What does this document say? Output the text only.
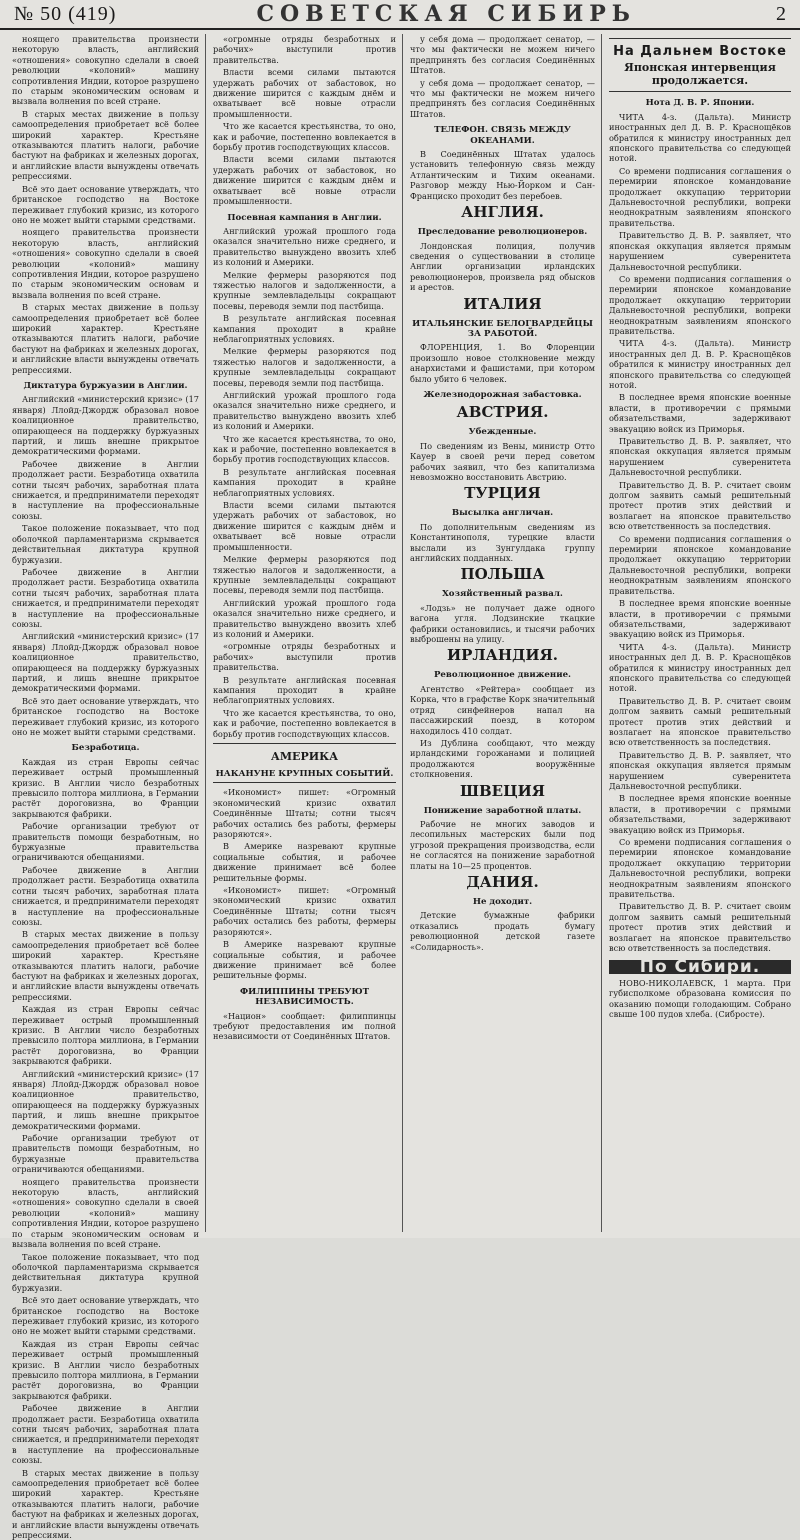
№ 50 (419)	СОВЕТСКАЯ СИБИРЬ	2

ноящего правительства произнести некоторую власть, английский «отношения» совокупно сделали в своей революции «колоний» машину сопротивления Индии, которое разрушено по старым экономическим основам и вызвала волнения по всей стране.

В старых местах движение в пользу самоопределения приобретает всё более широкий характер. Крестьяне отказываются платить налоги, рабочие бастуют на фабриках и железных дорогах, и английские власти вынуждены отвечать репрессиями.

Всё это дает основание утверждать, что британское господство на Востоке переживает глубокий кризис, из которого оно не может выйти старыми средствами.

ноящего правительства произнести некоторую власть, английский «отношения» совокупно сделали в своей революции «колоний» машину сопротивления Индии, которое разрушено по старым экономическим основам и вызвала волнения по всей стране.

В старых местах движение в пользу самоопределения приобретает всё более широкий характер. Крестьяне отказываются платить налоги, рабочие бастуют на фабриках и железных дорогах, и английские власти вынуждены отвечать репрессиями.

Диктатура буржуазии в Англии.

Английский «министерский кризис» (17 января) Ллойд-Джордж образовал новое коалиционное правительство, опирающееся на поддержку буржуазных партий, и лишь внешне прикрытое демократическими формами.

Рабочее движение в Англии продолжает расти. Безработица охватила сотни тысяч рабочих, заработная плата снижается, и предприниматели переходят в наступление на профессиональные союзы.

Такое положение показывает, что под оболочкой парламентаризма скрывается действительная диктатура крупной буржуазии.

Рабочее движение в Англии продолжает расти. Безработица охватила сотни тысяч рабочих, заработная плата снижается, и предприниматели переходят в наступление на профессиональные союзы.

Английский «министерский кризис» (17 января) Ллойд-Джордж образовал новое коалиционное правительство, опирающееся на поддержку буржуазных партий, и лишь внешне прикрытое демократическими формами.

Всё это дает основание утверждать, что британское господство на Востоке переживает глубокий кризис, из которого оно не может выйти старыми средствами.

Безработица.

Каждая из стран Европы сейчас переживает острый промышленный кризис. В Англии число безработных превысило полтора миллиона, в Германии растёт дороговизна, во Франции закрываются фабрики.

Рабочие организации требуют от правительств помощи безработным, но буржуазные правительства ограничиваются обещаниями.

Рабочее движение в Англии продолжает расти. Безработица охватила сотни тысяч рабочих, заработная плата снижается, и предприниматели переходят в наступление на профессиональные союзы.

В старых местах движение в пользу самоопределения приобретает всё более широкий характер. Крестьяне отказываются платить налоги, рабочие бастуют на фабриках и железных дорогах, и английские власти вынуждены отвечать репрессиями.

Каждая из стран Европы сейчас переживает острый промышленный кризис. В Англии число безработных превысило полтора миллиона, в Германии растёт дороговизна, во Франции закрываются фабрики.

Английский «министерский кризис» (17 января) Ллойд-Джордж образовал новое коалиционное правительство, опирающееся на поддержку буржуазных партий, и лишь внешне прикрытое демократическими формами.

Рабочие организации требуют от правительств помощи безработным, но буржуазные правительства ограничиваются обещаниями.

ноящего правительства произнести некоторую власть, английский «отношения» совокупно сделали в своей революции «колоний» машину сопротивления Индии, которое разрушено по старым экономическим основам и вызвала волнения по всей стране.

Такое положение показывает, что под оболочкой парламентаризма скрывается действительная диктатура крупной буржуазии.

Всё это дает основание утверждать, что британское господство на Востоке переживает глубокий кризис, из которого оно не может выйти старыми средствами.

Каждая из стран Европы сейчас переживает острый промышленный кризис. В Англии число безработных превысило полтора миллиона, в Германии растёт дороговизна, во Франции закрываются фабрики.

Рабочее движение в Англии продолжает расти. Безработица охватила сотни тысяч рабочих, заработная плата снижается, и предприниматели переходят в наступление на профессиональные союзы.

В старых местах движение в пользу самоопределения приобретает всё более широкий характер. Крестьяне отказываются платить налоги, рабочие бастуют на фабриках и железных дорогах, и английские власти вынуждены отвечать репрессиями.

«огромные отряды безработных и рабочих» выступили против правительства.

Власти всеми силами пытаются удержать рабочих от забастовок, но движение ширится с каждым днём и охватывает всё новые отрасли промышленности.

Что же касается крестьянства, то оно, как и рабочие, постепенно вовлекается в борьбу против господствующих классов.

Власти всеми силами пытаются удержать рабочих от забастовок, но движение ширится с каждым днём и охватывает всё новые отрасли промышленности.

Посевная кампания в Англии.

Английский урожай прошлого года оказался значительно ниже среднего, и правительство вынуждено ввозить хлеб из колоний и Америки.

Мелкие фермеры разоряются под тяжестью налогов и задолженности, а крупные землевладельцы сокращают посевы, переводя земли под пастбища.

В результате английская посевная кампания проходит в крайне неблагоприятных условиях.

Мелкие фермеры разоряются под тяжестью налогов и задолженности, а крупные землевладельцы сокращают посевы, переводя земли под пастбища.

Английский урожай прошлого года оказался значительно ниже среднего, и правительство вынуждено ввозить хлеб из колоний и Америки.

Что же касается крестьянства, то оно, как и рабочие, постепенно вовлекается в борьбу против господствующих классов.

В результате английская посевная кампания проходит в крайне неблагоприятных условиях.

Власти всеми силами пытаются удержать рабочих от забастовок, но движение ширится с каждым днём и охватывает всё новые отрасли промышленности.

Мелкие фермеры разоряются под тяжестью налогов и задолженности, а крупные землевладельцы сокращают посевы, переводя земли под пастбища.

Английский урожай прошлого года оказался значительно ниже среднего, и правительство вынуждено ввозить хлеб из колоний и Америки.

«огромные отряды безработных и рабочих» выступили против правительства.

В результате английская посевная кампания проходит в крайне неблагоприятных условиях.

Что же касается крестьянства, то оно, как и рабочие, постепенно вовлекается в борьбу против господствующих классов.

АМЕРИКА
НАКАНУНЕ КРУПНЫХ СОБЫТИЙ.

«Икономист» пишет: «Огромный экономический кризис охватил Соединённые Штаты; сотни тысяч рабочих остались без работы, фермеры разоряются».

В Америке назревают крупные социальные события, и рабочее движение принимает всё более решительные формы.

«Икономист» пишет: «Огромный экономический кризис охватил Соединённые Штаты; сотни тысяч рабочих остались без работы, фермеры разоряются».

В Америке назревают крупные социальные события, и рабочее движение принимает всё более решительные формы.

ФИЛИППИНЫ ТРЕБУЮТ НЕЗАВИСИМОСТЬ.

«Национ» сообщает: филиппинцы требуют предоставления им полной независимости от Соединённых Штатов.

у себя дома — продолжает сенатор, — что мы фактически не можем ничего предпринять без согласия Соединённых Штатов.

у себя дома — продолжает сенатор, — что мы фактически не можем ничего предпринять без согласия Соединённых Штатов.

ТЕЛЕФОН. СВЯЗЬ МЕЖДУ ОКЕАНАМИ.

В Соединённых Штатах удалось установить телефонную связь между Атлантическим и Тихим океанами. Разговор между Нью-Йорком и Сан-Франциско проходит без перебоев.

АНГЛИЯ.
Преследование революционеров.

Лондонская полиция, получив сведения о существовании в столице Англии организации ирландских революционеров, произвела ряд обысков и арестов.

ИТАЛИЯ
ИТАЛЬЯНСКИЕ БЕЛОГВАРДЕЙЦЫ ЗА РАБОТОЙ.

ФЛОРЕНЦИЯ, 1. Во Флоренции произошло новое столкновение между анархистами и фашистами, при котором было убито 6 человек.

Железнодорожная забастовка.
АВСТРИЯ.
Убежденные.

По сведениям из Вены, министр Отто Кауер в своей речи перед советом рабочих заявил, что без капитализма невозможно восстановить Австрию.

ТУРЦИЯ
Высылка англичан.

По дополнительным сведениям из Константинополя, турецкие власти выслали из Зунгулдака группу английских подданных.

ПОЛЬША
Хозяйственный развал.

«Лодзь» не получает даже одного вагона угля. Лодзинские ткацкие фабрики остановились, и тысячи рабочих выброшены на улицу.

ИРЛАНДИЯ.
Революционное движение.

Агентство «Рейтера» сообщает из Корка, что в графстве Корк значительный отряд синфейнеров напал на пассажирский поезд, в котором находилось 410 солдат.

Из Дублина сообщают, что между ирландскими горожанами и полицией продолжаются вооружённые столкновения.

ШВЕЦИЯ
Понижение заработной платы.

Рабочие не многих заводов и лесопильных мастерских были под угрозой прекращения производства, если не согласятся на понижение заработной платы на 10—25 процентов.

ДАНИЯ.
Не доходит.

Детские бумажные фабрики отказались продать бумагу революционной детской газете «Солидарность».

На Дальнем Востоке
Японская интервенция продолжается.
Нота Д. В. Р. Японии.

ЧИТА 4-з. (Дальта). Министр иностранных дел Д. В. Р. Краснощёков обратился к министру иностранных дел японского правительства со следующей нотой.

Со времени подписания соглашения о перемирии японское командование продолжает оккупацию территории Дальневосточной республики, вопреки неоднократным заявлениям японского правительства.

Правительство Д. В. Р. заявляет, что японская оккупация является прямым нарушением суверенитета Дальневосточной республики.

Со времени подписания соглашения о перемирии японское командование продолжает оккупацию территории Дальневосточной республики, вопреки неоднократным заявлениям японского правительства.

ЧИТА 4-з. (Дальта). Министр иностранных дел Д. В. Р. Краснощёков обратился к министру иностранных дел японского правительства со следующей нотой.

В последнее время японские военные власти, в противоречии с прямыми обязательствами, задерживают эвакуацию войск из Приморья.

Правительство Д. В. Р. заявляет, что японская оккупация является прямым нарушением суверенитета Дальневосточной республики.

Правительство Д. В. Р. считает своим долгом заявить самый решительный протест против этих действий и возлагает на японское правительство всю ответственность за последствия.

Со времени подписания соглашения о перемирии японское командование продолжает оккупацию территории Дальневосточной республики, вопреки неоднократным заявлениям японского правительства.

В последнее время японские военные власти, в противоречии с прямыми обязательствами, задерживают эвакуацию войск из Приморья.

ЧИТА 4-з. (Дальта). Министр иностранных дел Д. В. Р. Краснощёков обратился к министру иностранных дел японского правительства со следующей нотой.

Правительство Д. В. Р. считает своим долгом заявить самый решительный протест против этих действий и возлагает на японское правительство всю ответственность за последствия.

Правительство Д. В. Р. заявляет, что японская оккупация является прямым нарушением суверенитета Дальневосточной республики.

В последнее время японские военные власти, в противоречии с прямыми обязательствами, задерживают эвакуацию войск из Приморья.

Со времени подписания соглашения о перемирии японское командование продолжает оккупацию территории Дальневосточной республики, вопреки неоднократным заявлениям японского правительства.

Правительство Д. В. Р. считает своим долгом заявить самый решительный протест против этих действий и возлагает на японское правительство всю ответственность за последствия.

По Сибири.

НОВО-НИКОЛАЕВСК, 1 марта. При губисполкоме образована комиссия по оказанию помощи голодающим. Собрано свыше 100 пудов хлеба. (Сибросте).
